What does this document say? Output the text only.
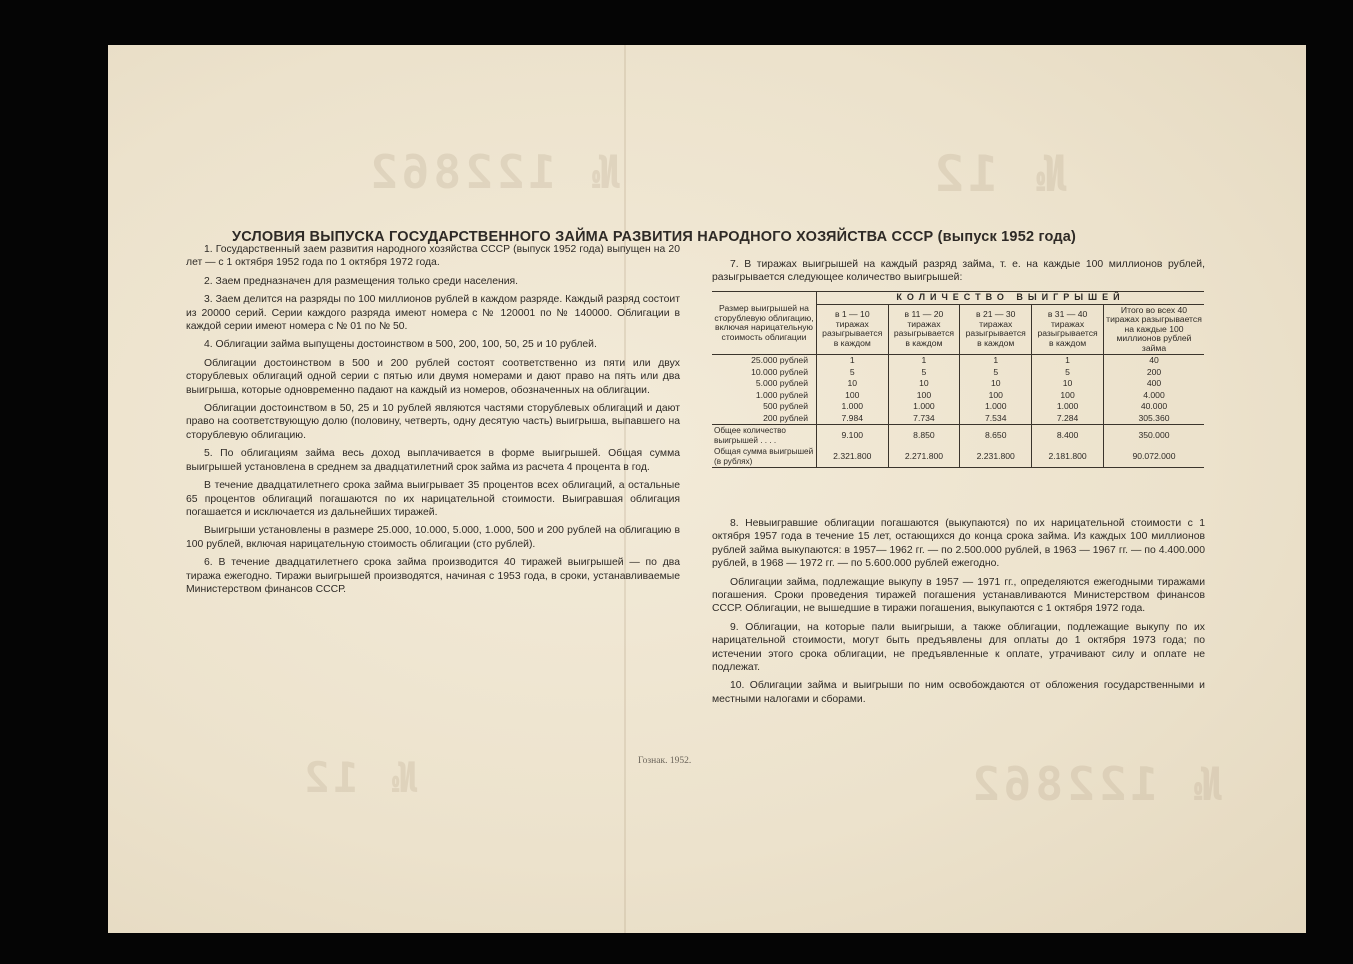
№ 122862	№ 12
№ 12	№ 122862
УСЛОВИЯ ВЫПУСКА ГОСУДАРСТВЕННОГО ЗАЙМА РАЗВИТИЯ НАРОДНОГО ХОЗЯЙСТВА СССР (выпуск 1952 года)

1. Государственный заем развития народного хозяйства СССР (выпуск 1952 года) выпущен на 20 лет — с 1 октября 1952 года по 1 октября 1972 года.

2. Заем предназначен для размещения только среди населения.

3. Заем делится на разряды по 100 миллионов рублей в каждом разряде. Каждый разряд состоит из 20000 серий. Серии каждого разряда имеют номера с № 120001 по № 140000. Облигации в каждой серии имеют номера с № 01 по № 50.

4. Облигации займа выпущены достоинством в 500, 200, 100, 50, 25 и 10 рублей.

Облигации достоинством в 500 и 200 рублей состоят соответственно из пяти или двух сторублевых облигаций одной серии с пятью или двумя номерами и дают право на пять или два выигрыша, которые одновременно падают на каждый из номеров, обозначенных на облигации.

Облигации достоинством в 50, 25 и 10 рублей являются частями сторублевых облигаций и дают право на соответствующую долю (половину, четверть, одну десятую часть) выигрыша, выпавшего на сторублевую облигацию.

5. По облигациям займа весь доход выплачивается в форме выигрышей. Общая сумма выигрышей установлена в среднем за двадцатилетний срок займа из расчета 4 процента в год.

В течение двадцатилетнего срока займа выигрывает 35 процентов всех облигаций, а остальные 65 процентов облигаций погашаются по их нарицательной стоимости. Выигравшая облигация погашается и исключается из дальнейших тиражей.

Выигрыши установлены в размере 25.000, 10.000, 5.000, 1.000, 500 и 200 рублей на облигацию в 100 рублей, включая нарицательную стоимость облигации (сто рублей).

6. В течение двадцатилетнего срока займа производится 40 тиражей выигрышей — по два тиража ежегодно. Тиражи выигрышей производятся, начиная с 1953 года, в сроки, устанавливаемые Министерством финансов СССР.

7. В тиражах выигрышей на каждый разряд займа, т. е. на каждые 100 миллионов рублей, разыгрывается следующее количество выигрышей:

Размер выигрышей на сторублевую облигацию, включая нарицательную стоимость облигации	КОЛИЧЕСТВО ВЫИГРЫШЕЙ				
	в 1 — 10 тиражах разыгрывается в каждом	в 11 — 20 тиражах разыгрывается в каждом	в 21 — 30 тиражах разыгрывается в каждом	в 31 — 40 тиражах разыгрывается в каждом	Итого во всех 40 тиражах разыгрывается на каждые 100 миллионов рублей займа
25.000 рублей	1	1	1	1	40
10.000 рублей	5	5	5	5	200
5.000 рублей	10	10	10	10	400
1.000 рублей	100	100	100	100	4.000
500 рублей	1.000	1.000	1.000	1.000	40.000
200 рублей	7.984	7.734	7.534	7.284	305.360
Общее количество выигрышей . . . .	9.100	8.850	8.650	8.400	350.000
Общая сумма выигрышей (в рублях)	2.321.800	2.271.800	2.231.800	2.181.800	90.072.000

8. Невыигравшие облигации погашаются (выкупаются) по их нарицательной стоимости с 1 октября 1957 года в течение 15 лет, остающихся до конца срока займа. Из каждых 100 миллионов рублей займа выкупаются: в 1957— 1962 гг. — по 2.500.000 рублей, в 1963 — 1967 гг. — по 4.400.000 рублей, в 1968 — 1972 гг. — по 5.600.000 рублей ежегодно.

Облигации займа, подлежащие выкупу в 1957 — 1971 гг., определяются ежегодными тиражами погашения. Сроки проведения тиражей погашения устанавливаются Министерством финансов СССР. Облигации, не вышедшие в тиражи погашения, выкупаются с 1 октября 1972 года.

9. Облигации, на которые пали выигрыши, а также облигации, подлежащие выкупу по их нарицательной стоимости, могут быть предъявлены для оплаты до 1 октября 1973 года; по истечении этого срока облигации, не предъявленные к оплате, утрачивают силу и оплате не подлежат.

10. Облигации займа и выигрыши по ним освобождаются от обложения государственными и местными налогами и сборами.

Гознак. 1952.
